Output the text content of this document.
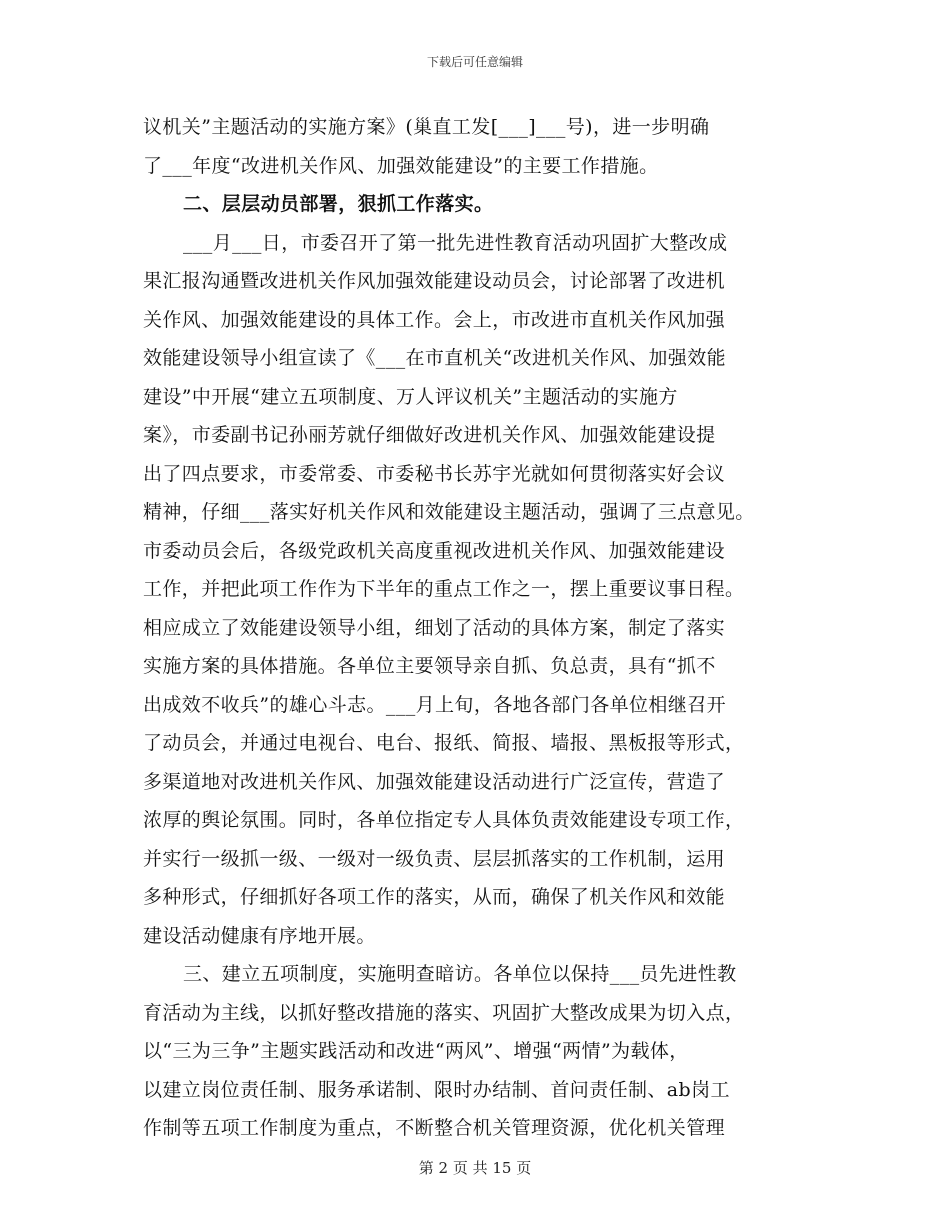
下载后可任意编辑

议机关”主题活动的实施方案》(巢直工发[___]___号)，进一步明确
了___年度“改进机关作风、加强效能建设”的主要工作措施。

二、层层动员部署，狠抓工作落实。

___月___日，市委召开了第一批先进性教育活动巩固扩大整改成
果汇报沟通暨改进机关作风加强效能建设动员会，讨论部署了改进机
关作风、加强效能建设的具体工作。会上，市改进市直机关作风加强
效能建设领导小组宣读了《___在市直机关“改进机关作风、加强效能
建设”中开展“建立五项制度、万人评议机关”主题活动的实施方
案》，市委副书记孙丽芳就仔细做好改进机关作风、加强效能建设提
出了四点要求，市委常委、市委秘书长苏宇光就如何贯彻落实好会议
精神，仔细___落实好机关作风和效能建设主题活动，强调了三点意见。
市委动员会后，各级党政机关高度重视改进机关作风、加强效能建设
工作，并把此项工作作为下半年的重点工作之一，摆上重要议事日程。
相应成立了效能建设领导小组，细划了活动的具体方案，制定了落实
实施方案的具体措施。各单位主要领导亲自抓、负总责，具有“抓不
出成效不收兵”的雄心斗志。___月上旬，各地各部门各单位相继召开
了动员会，并通过电视台、电台、报纸、简报、墙报、黑板报等形式，
多渠道地对改进机关作风、加强效能建设活动进行广泛宣传，营造了
浓厚的舆论氛围。同时，各单位指定专人具体负责效能建设专项工作，
并实行一级抓一级、一级对一级负责、层层抓落实的工作机制，运用
多种形式，仔细抓好各项工作的落实，从而，确保了机关作风和效能
建设活动健康有序地开展。

三、建立五项制度，实施明查暗访。各单位以保持___员先进性教
育活动为主线，以抓好整改措施的落实、巩固扩大整改成果为切入点，
以“三为三争”主题实践活动和改进“两风”、增强“两情”为载体，
以建立岗位责任制、服务承诺制、限时办结制、首问责任制、ab岗工
作制等五项工作制度为重点，不断整合机关管理资源，优化机关管理

第 2 页 共 15 页
